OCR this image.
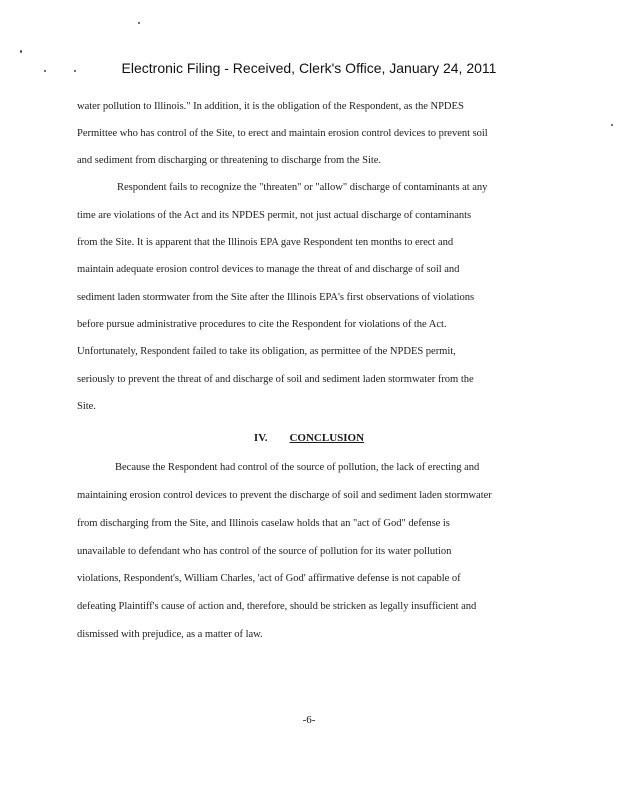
Electronic Filing - Received, Clerk's Office, January 24, 2011
water pollution to Illinois." In addition, it is the obligation of the Respondent, as the NPDES
Permittee who has control of the Site, to erect and maintain erosion control devices to prevent soil
and sediment from discharging or threatening to discharge from the Site.
Respondent fails to recognize the "threaten" or "allow" discharge of contaminants at any
time are violations of the Act and its NPDES permit, not just actual discharge of contaminants
from the Site. It is apparent that the Illinois EPA gave Respondent ten months to erect and
maintain adequate erosion control devices to manage the threat of and discharge of soil and
sediment laden stormwater from the Site after the Illinois EPA's first observations of violations
before pursue administrative procedures to cite the Respondent for violations of the Act.
Unfortunately, Respondent failed to take its obligation, as permittee of the NPDES permit,
seriously to prevent the threat of and discharge of soil and sediment laden stormwater from the
Site.
IV. CONCLUSION
Because the Respondent had control of the source of pollution, the lack of erecting and
maintaining erosion control devices to prevent the discharge of soil and sediment laden stormwater
from discharging from the Site, and Illinois caselaw holds that an "act of God" defense is
unavailable to defendant who has control of the source of pollution for its water pollution
violations, Respondent's, William Charles, 'act of God' affirmative defense is not capable of
defeating Plaintiff's cause of action and, therefore, should be stricken as legally insufficient and
dismissed with prejudice, as a matter of law.
-6-
